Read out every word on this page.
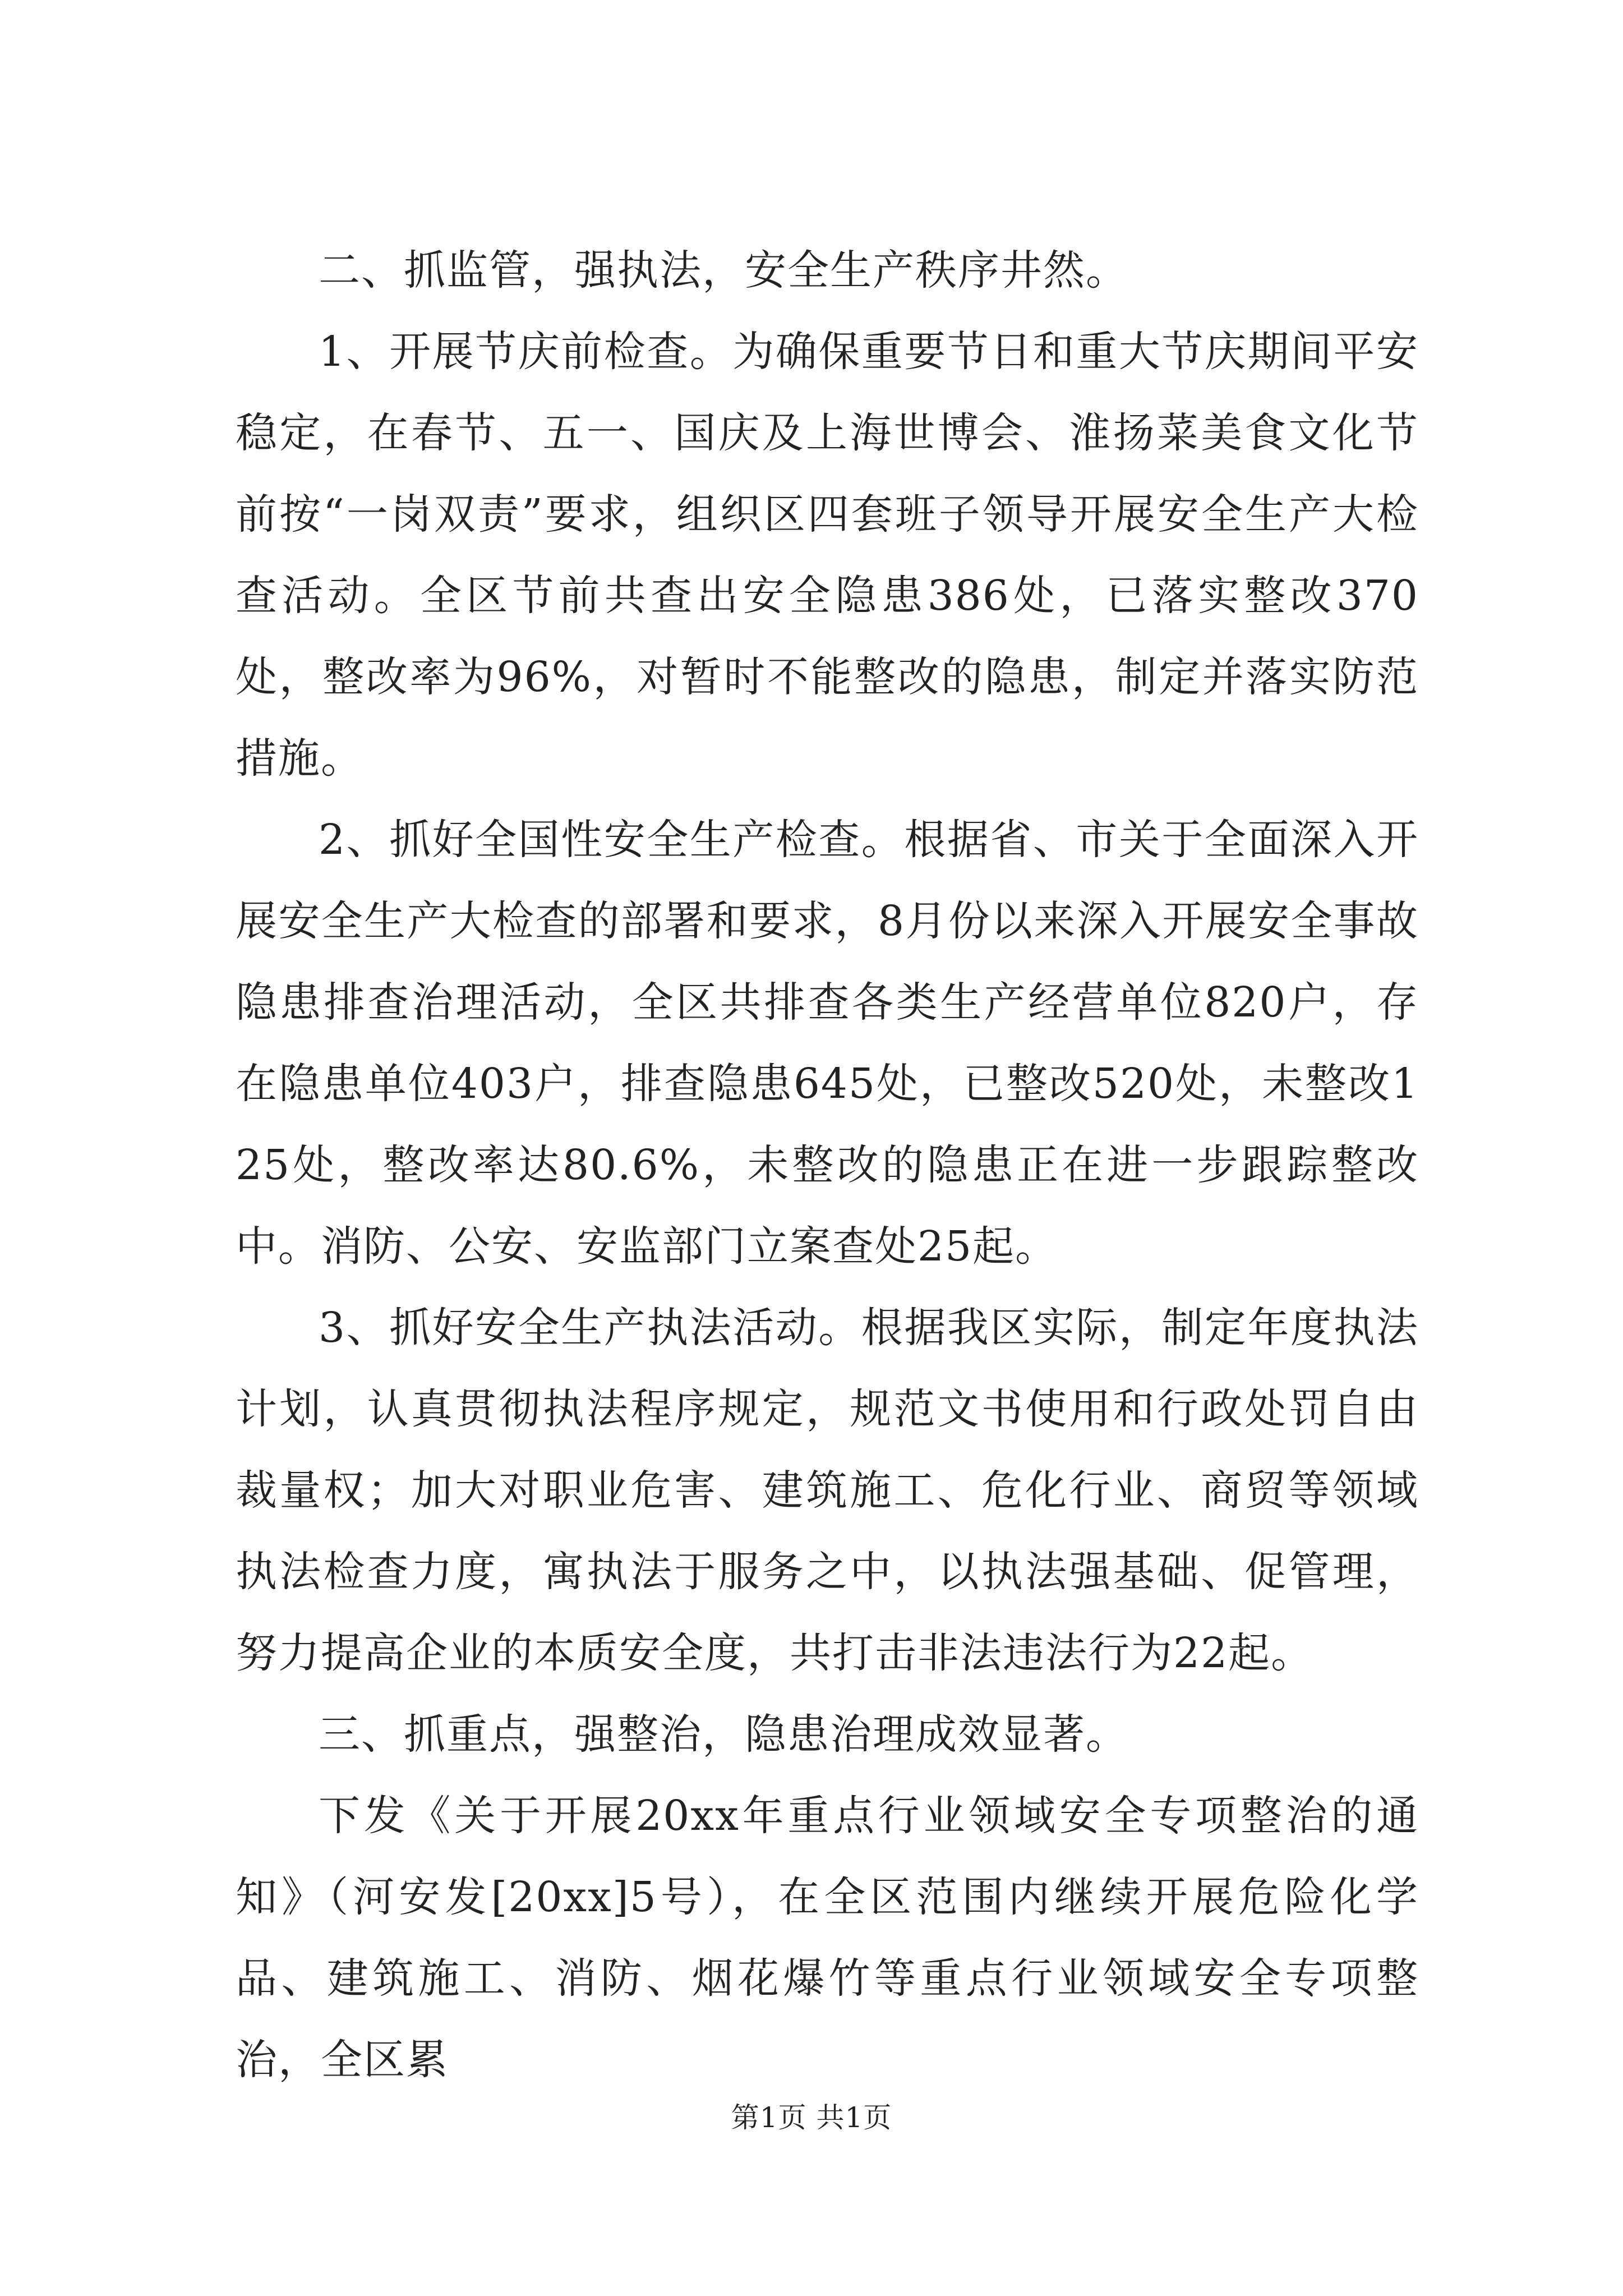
二、抓监管，强执法，安全生产秩序井然。

1、开展节庆前检查。为确保重要节日和重大节庆期间平安稳定，在春节、五一、国庆及上海世博会、淮扬菜美食文化节前按“一岗双责”要求，组织区四套班子领导开展安全生产大检查活动。全区节前共查出安全隐患386处，已落实整改370处，整改率为96%，对暂时不能整改的隐患，制定并落实防范措施。

2、抓好全国性安全生产检查。根据省、市关于全面深入开展安全生产大检查的部署和要求，8月份以来深入开展安全事故隐患排查治理活动，全区共排查各类生产经营单位820户，存在隐患单位403户，排查隐患645处，已整改520处，未整改125处，整改率达80.6%，未整改的隐患正在进一步跟踪整改中。消防、公安、安监部门立案查处25起。

3、抓好安全生产执法活动。根据我区实际，制定年度执法计划，认真贯彻执法程序规定，规范文书使用和行政处罚自由裁量权；加大对职业危害、建筑施工、危化行业、商贸等领域执法检查力度，寓执法于服务之中，以执法强基础、促管理，努力提高企业的本质安全度，共打击非法违法行为22起。

三、抓重点，强整治，隐患治理成效显著。

下发《关于开展20xx年重点行业领域安全专项整治的通知》（河安发[20xx]5号），在全区范围内继续开展危险化学品、建筑施工、消防、烟花爆竹等重点行业领域安全专项整治，全区累

第1页 共1页
